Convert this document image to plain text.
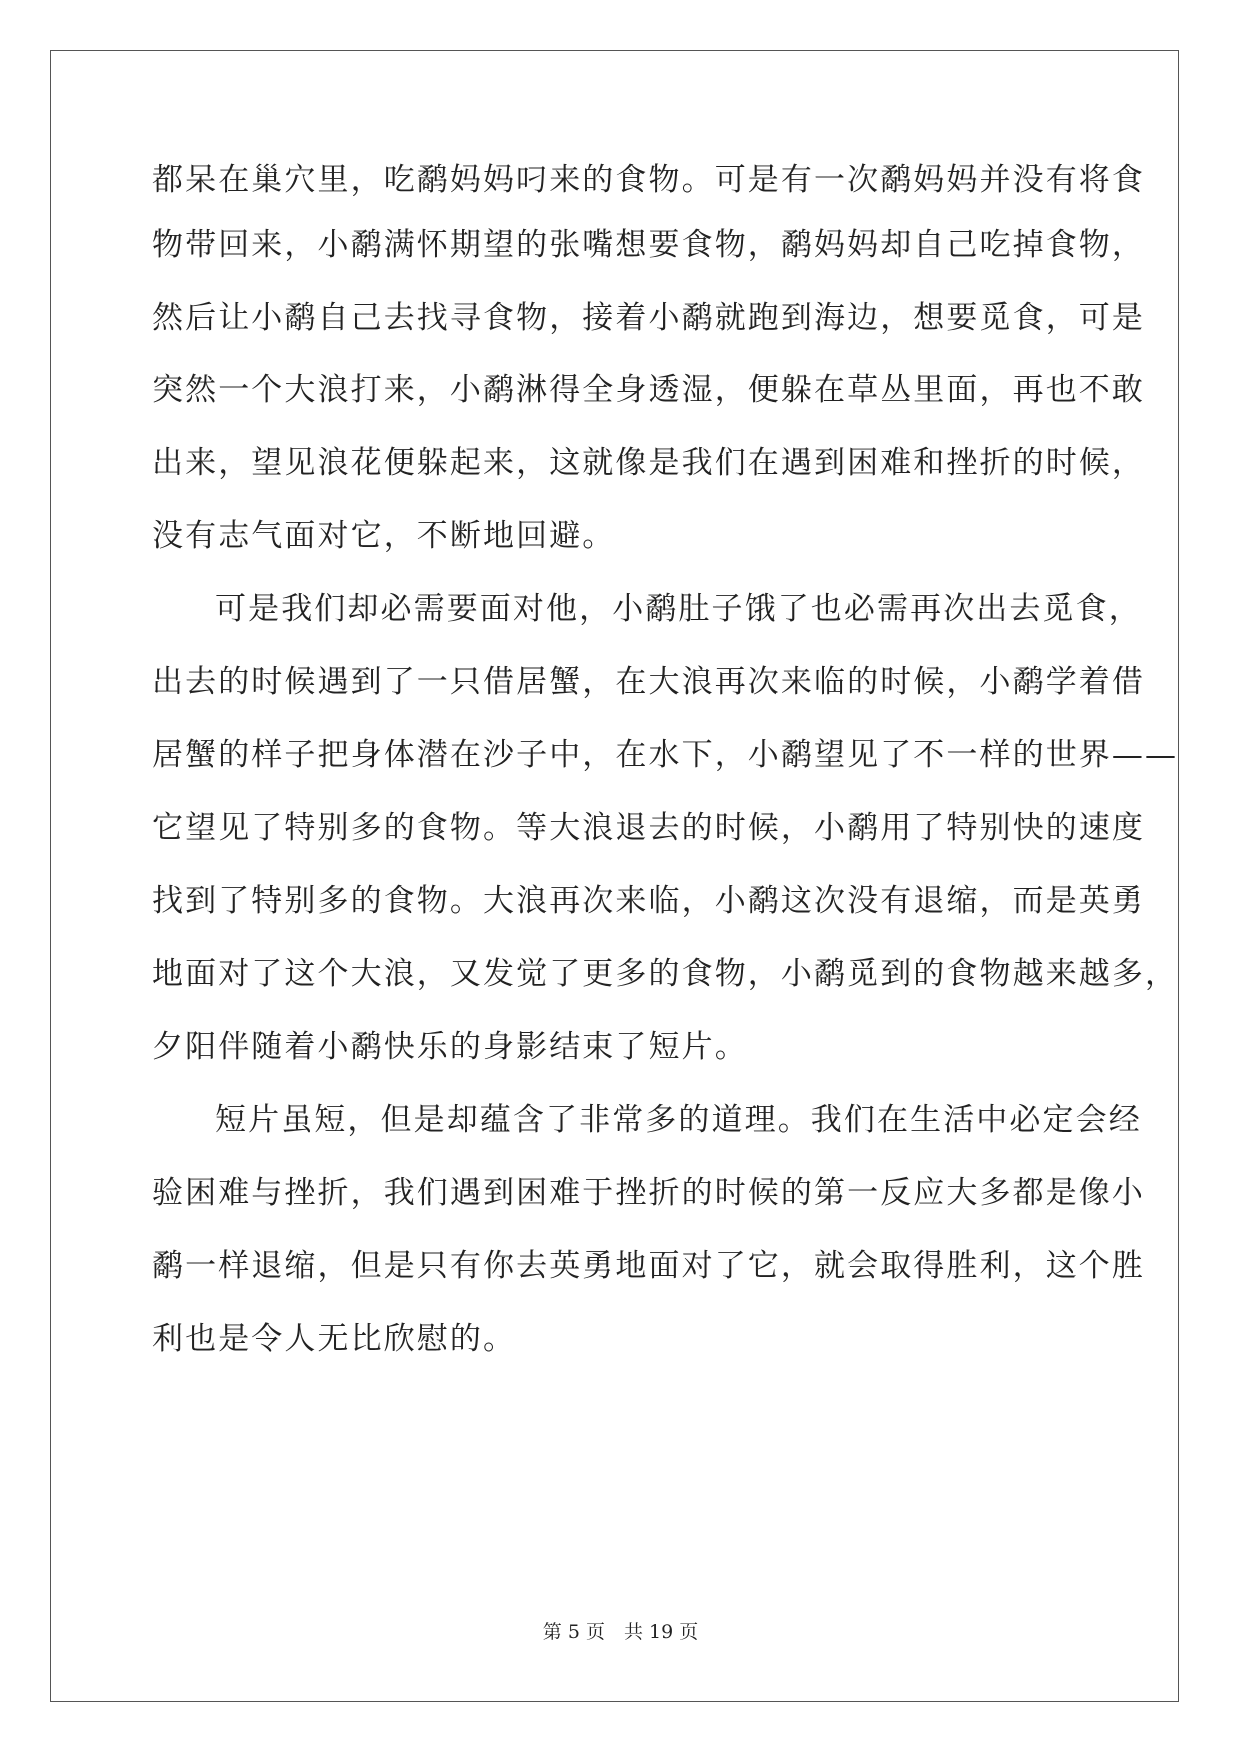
都呆在巢穴里，吃鹬妈妈叼来的食物。可是有一次鹬妈妈并没有将食
物带回来，小鹬满怀期望的张嘴想要食物，鹬妈妈却自己吃掉食物，
然后让小鹬自己去找寻食物，接着小鹬就跑到海边，想要觅食，可是
突然一个大浪打来，小鹬淋得全身透湿，便躲在草丛里面，再也不敢
出来，望见浪花便躲起来，这就像是我们在遇到困难和挫折的时候，
没有志气面对它，不断地回避。
可是我们却必需要面对他，小鹬肚子饿了也必需再次出去觅食，
出去的时候遇到了一只借居蟹，在大浪再次来临的时候，小鹬学着借
居蟹的样子把身体潜在沙子中，在水下，小鹬望见了不一样的世界——
它望见了特别多的食物。等大浪退去的时候，小鹬用了特别快的速度
找到了特别多的食物。大浪再次来临，小鹬这次没有退缩，而是英勇
地面对了这个大浪，又发觉了更多的食物，小鹬觅到的食物越来越多，
夕阳伴随着小鹬快乐的身影结束了短片。
短片虽短，但是却蕴含了非常多的道理。我们在生活中必定会经
验困难与挫折，我们遇到困难于挫折的时候的第一反应大多都是像小
鹬一样退缩，但是只有你去英勇地面对了它，就会取得胜利，这个胜
利也是令人无比欣慰的。
第 5 页　共 19 页
